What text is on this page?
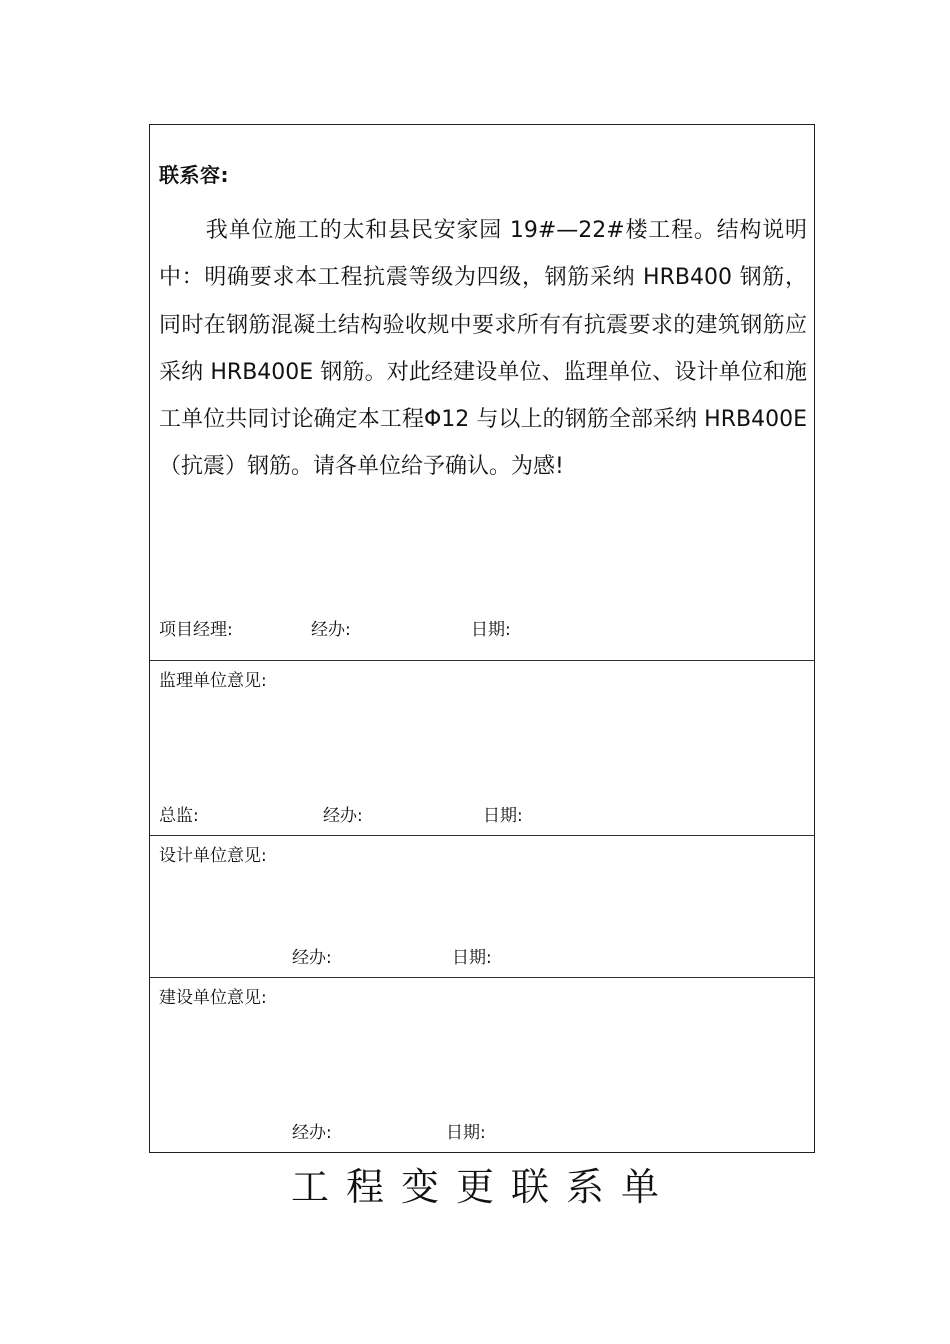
联系容:

我单位施工的太和县民安家园 19#—22#楼工程。结构说明中：明确要求本工程抗震等级为四级，钢筋采纳 HRB400 钢筋，同时在钢筋混凝土结构验收规中要求所有有抗震要求的建筑钢筋应采纳 HRB400E 钢筋。对此经建设单位、监理单位、设计单位和施工单位共同讨论确定本工程Φ12 与以上的钢筋全部采纳 HRB400E（抗震）钢筋。请各单位给予确认。为感!

项目经理:	经办:	日期:
监理单位意见:
总监:	经办:	日期:
设计单位意见:
经办:	日期:
建设单位意见:
经办:	日期:
工程变更联系单
